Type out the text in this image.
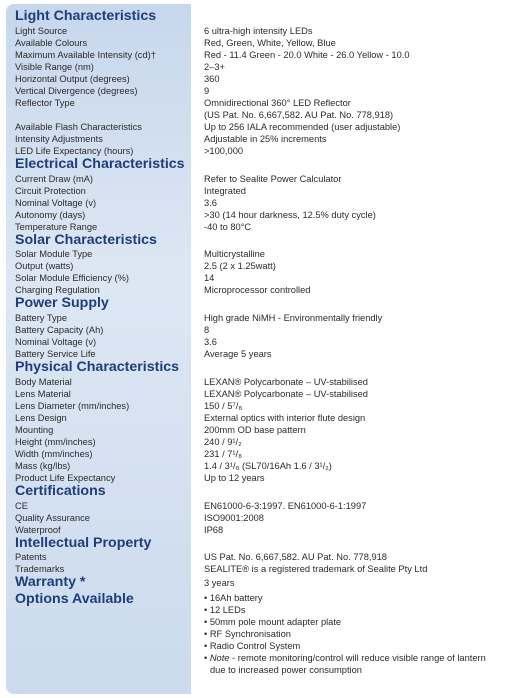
Light Characteristics
Light Source	6 ultra-high intensity LEDs
Available Colours	Red, Green, White, Yellow, Blue
Maximum Available Intensity (cd)†	Red - 11.4 Green - 20.0 White - 26.0 Yellow - 10.0
Visible Range (nm)	2–3+
Horizontal Output (degrees)	360
Vertical Divergence (degrees)	9
Reflector Type	Omnidirectional 360° LED Reflector
(US Pat. No. 6,667,582. AU Pat. No. 778,918)
Available Flash Characteristics	Up to 256 IALA recommended (user adjustable)
Intensity Adjustments	Adjustable in 25% increments
LED Life Expectancy (hours)	>100,000
Electrical Characteristics
Current Draw (mA)	Refer to Sealite Power Calculator
Circuit Protection	Integrated
Nominal Voltage (v)	3.6
Autonomy (days)	>30 (14 hour darkness, 12.5% duty cycle)
Temperature Range	-40 to 80°C
Solar Characteristics
Solar Module Type	Multicrystalline
Output (watts)	2.5 (2 x 1.25watt)
Solar Module Efficiency (%)	14
Charging Regulation	Microprocessor controlled
Power Supply
Battery Type	High grade NiMH - Environmentally friendly
Battery Capacity (Ah)	8
Nominal Voltage (v)	3.6
Battery Service Life	Average 5 years
Physical Characteristics
Body Material	LEXAN® Polycarbonate – UV-stabilised
Lens Material	LEXAN® Polycarbonate – UV-stabilised
Lens Diameter (mm/inches)	150 / 5⁷/₈
Lens Design	External optics with interior flute design
Mounting	200mm OD base pattern
Height (mm/inches)	240 / 9¹/₂
Width (mm/inches)	231 / 7¹/₈
Mass (kg/lbs)	1.4 / 3¹/₈ (SL70/16Ah 1.6 / 3¹/₂)
Product Life Expectancy	Up to 12 years
Certifications
CE	EN61000-6-3:1997. EN61000-6-1:1997
Quality Assurance	ISO9001:2008
Waterproof	IP68
Intellectual Property
Patents	US Pat. No. 6,667,582. AU Pat. No. 778,918
Trademarks	SEALITE® is a registered trademark of Sealite Pty Ltd
Warranty *	3 years
Options Available	• 16Ah battery
• 12 LEDs
• 50mm pole mount adapter plate
• RF Synchronisation
• Radio Control System
• Note - remote monitoring/control will reduce visible range of lantern
due to increased power consumption
